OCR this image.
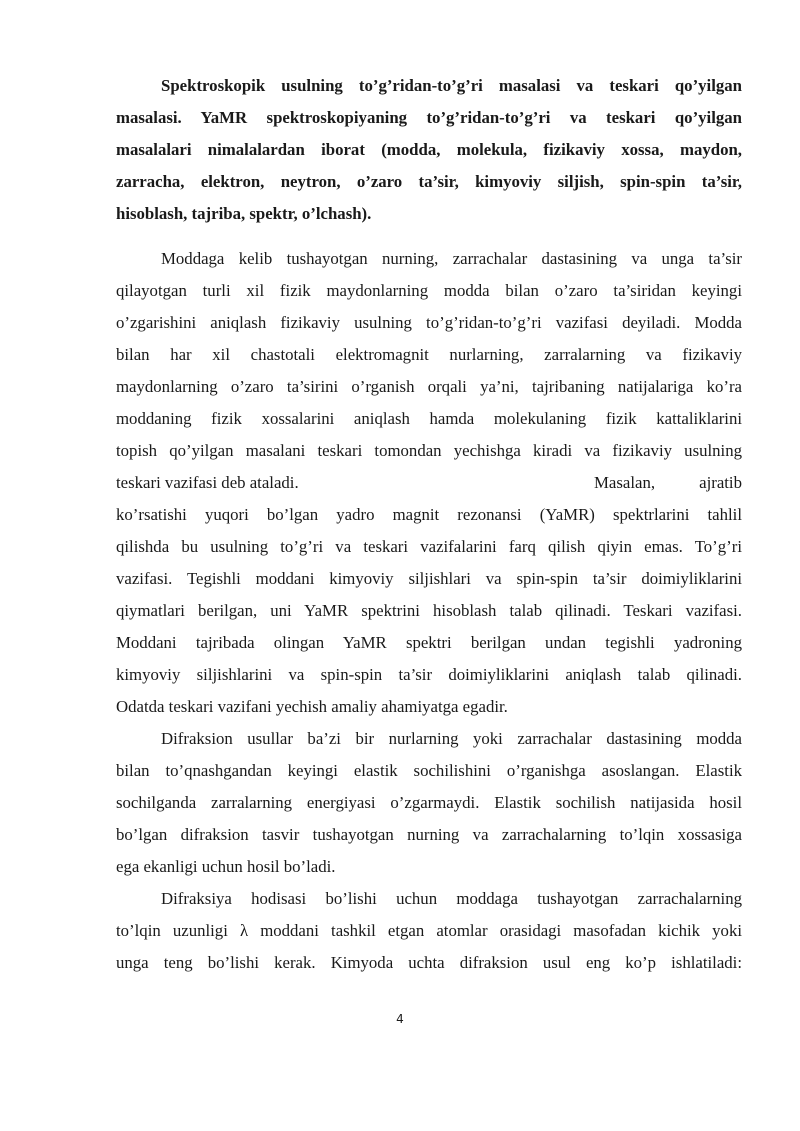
Spektroskopik usulning to’g’ridan-to’g’ri masalasi va teskari qo’yilgan
masalasi. YaMR spektroskopiyaning to’g’ridan-to’g’ri va teskari qo’yilgan
masalalari nimalalardan iborat (modda, molekula, fizikaviy xossa, maydon,
zarracha, elektron, neytron, o’zaro ta’sir, kimyoviy siljish, spin-spin ta’sir,
hisoblash, tajriba, spektr, o’lchash).
Moddaga kelib tushayotgan nurning, zarrachalar dastasining va unga ta’sir
qilayotgan turli xil fizik maydonlarning modda bilan o’zaro ta’siridan keyingi
o’zgarishini aniqlash fizikaviy usulning to’g’ridan-to’g’ri vazifasi deyiladi. Modda
bilan har xil chastotali elektromagnit nurlarning, zarralarning va fizikaviy
maydonlarning o’zaro ta’sirini o’rganish orqali ya’ni, tajribaning natijalariga ko’ra
moddaning fizik xossalarini aniqlash hamda molekulaning fizik kattaliklarini
topish qo’yilgan masalani teskari tomondan yechishga kiradi va fizikaviy usulning
teskari vazifasi deb ataladi.	Masalan,	ajratib
ko’rsatishi yuqori bo’lgan yadro magnit rezonansi (YaMR) spektrlarini tahlil
qilishda bu usulning to’g’ri va teskari vazifalarini farq qilish qiyin emas. To’g’ri
vazifasi. Tegishli moddani kimyoviy siljishlari va spin-spin ta’sir doimiyliklarini
qiymatlari berilgan, uni YaMR spektrini hisoblash talab qilinadi. Teskari vazifasi.
Moddani tajribada olingan YaMR spektri berilgan undan tegishli yadroning
kimyoviy siljishlarini va spin-spin ta’sir doimiyliklarini aniqlash talab qilinadi.
Odatda teskari vazifani yechish amaliy ahamiyatga egadir.
Difraksion usullar ba’zi bir nurlarning yoki zarrachalar dastasining modda
bilan to’qnashgandan keyingi elastik sochilishini o’rganishga asoslangan. Elastik
sochilganda zarralarning energiyasi o’zgarmaydi. Elastik sochilish natijasida hosil
bo’lgan difraksion tasvir tushayotgan nurning va zarrachalarning to’lqin xossasiga
ega ekanligi uchun hosil bo’ladi.
Difraksiya hodisasi bo’lishi uchun moddaga tushayotgan zarrachalarning
to’lqin uzunligi λ moddani tashkil etgan atomlar orasidagi masofadan kichik yoki
unga teng bo’lishi kerak. Kimyoda uchta difraksion usul eng ko’p ishlatiladi:
4
